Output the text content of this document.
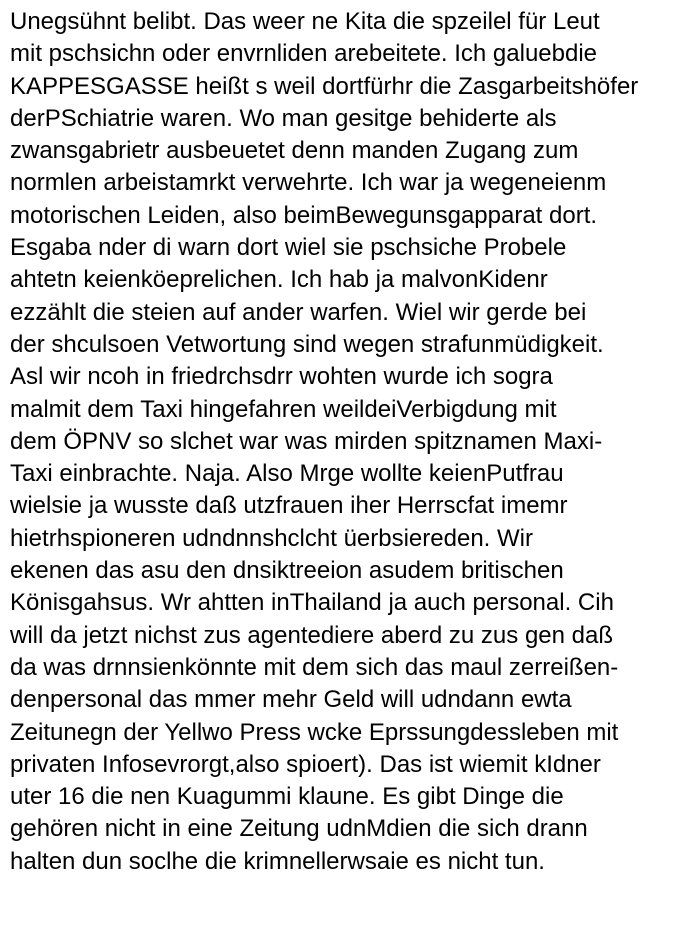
Unegsühnt belibt. Das weer ne Kita die spzeilel für Leut
mit pschsichn oder envrnliden arebeitete. Ich galuebdie
KAPPESGASSE heißt s weil dortfürhr die Zasgarbeitshöfer
derPSchiatrie waren. Wo man gesitge behiderte als
zwansgabrietr ausbeuetet denn manden Zugang zum
normlen arbeistamrkt verwehrte. Ich war ja wegeneienm
motorischen Leiden, also beimBewegunsgapparat dort.
Esgaba nder di warn dort wiel sie pschsiche Probele
ahtetn keienköeprelichen. Ich hab ja malvonKidenr
ezzählt die steien auf ander warfen. Wiel wir gerde bei
der shculsoen Vetwortung sind wegen strafunmüdigkeit.
Asl wir ncoh in friedrchsdrr wohten wurde ich sogra
malmit dem Taxi hingefahren weildeiVerbigdung mit
dem ÖPNV so slchet war was mirden spitznamen Maxi-
Taxi einbrachte. Naja. Also Mrge wollte keienPutfrau
wielsie ja wusste daß utzfrauen iher Herrscfat imemr
hietrhspioneren udndnnshclcht üerbsiereden. Wir
ekenen das asu den dnsiktreeion asudem britischen
Könisgahsus. Wr ahtten inThailand ja auch personal. Cih
will da jetzt nichst zus agentediere aberd zu zus gen daß
da was drnnsienkönnte mit dem sich das maul zerreißen-
denpersonal das mmer mehr Geld will udndann ewta
Zeitunegn der Yellwo Press wcke Eprssungdessleben mit
privaten Infosevrorgt,also spioert). Das ist wiemit kIdner
uter 16 die nen Kuagummi klaune. Es gibt Dinge die
gehören nicht in eine Zeitung udnMdien die sich drann
halten dun soclhe die krimnellerwsaie es nicht tun.
